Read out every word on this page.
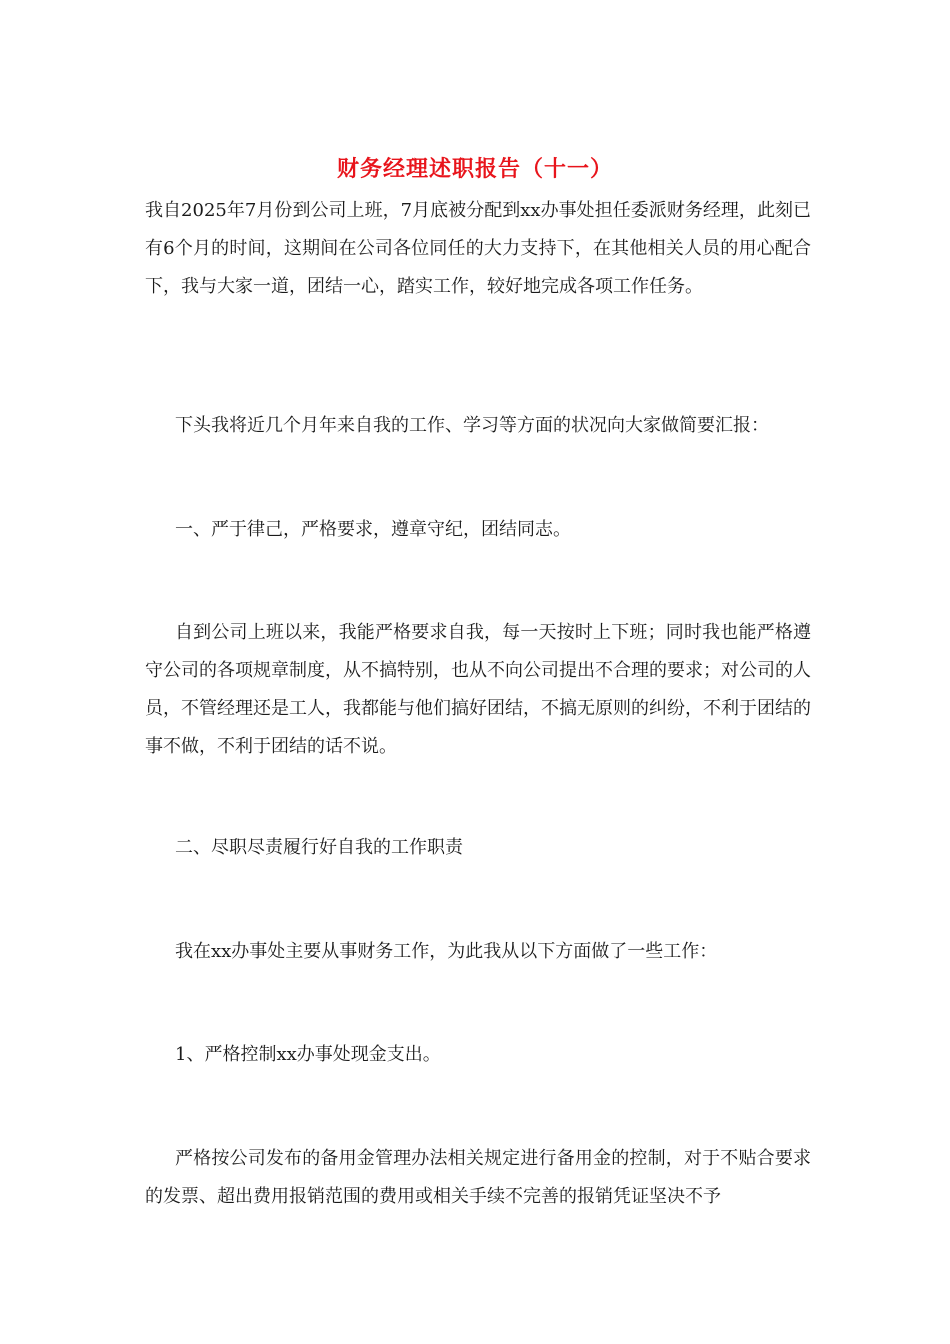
财务经理述职报告（十一）
我自2025年7月份到公司上班，7月底被分配到xx办事处担任委派财务经理，此刻已有6个月的时间，这期间在公司各位同任的大力支持下，在其他相关人员的用心配合下，我与大家一道，团结一心，踏实工作，较好地完成各项工作任务。
下头我将近几个月年来自我的工作、学习等方面的状况向大家做简要汇报：
一、严于律己，严格要求，遵章守纪，团结同志。
自到公司上班以来，我能严格要求自我，每一天按时上下班；同时我也能严格遵守公司的各项规章制度，从不搞特别，也从不向公司提出不合理的要求；对公司的人员，不管经理还是工人，我都能与他们搞好团结，不搞无原则的纠纷，不利于团结的事不做，不利于团结的话不说。
二、尽职尽责履行好自我的工作职责
我在xx办事处主要从事财务工作，为此我从以下方面做了一些工作：
1、严格控制xx办事处现金支出。
严格按公司发布的备用金管理办法相关规定进行备用金的控制，对于不贴合要求的发票、超出费用报销范围的费用或相关手续不完善的报销凭证坚决不予
